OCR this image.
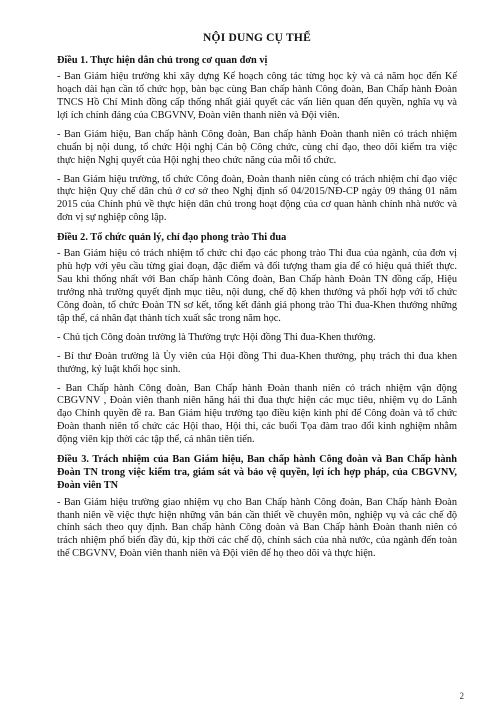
NỘI DUNG CỤ THỂ
Điều 1. Thực hiện dân chủ trong cơ quan đơn vị

- Ban Giám hiệu trường khi xây dựng Kế hoạch công tác từng học kỳ và cả năm học đến Kế hoạch dài hạn cần tổ chức họp, bàn bạc cùng Ban chấp hành Công đoàn, Ban Chấp hành Đoàn TNCS Hồ Chí Minh đồng cấp thống nhất giải quyết các vấn liên quan đến quyền, nghĩa vụ và lợi ích chính đáng của CBGVNV, Đoàn viên thanh niên và Đội viên.

- Ban Giám hiệu, Ban chấp hành Công đoàn, Ban chấp hành Đoàn thanh niên có trách nhiệm chuẩn bị nội dung, tổ chức Hội nghị Cán bộ Công chức, cùng chỉ đạo, theo dõi kiểm tra việc thực hiện Nghị quyết của Hội nghị theo chức năng của mỗi tổ chức.

- Ban Giám hiệu trường, tổ chức Công đoàn, Đoàn thanh niên cùng có trách nhiệm chỉ đạo việc thực hiện Quy chế dân chủ ở cơ sở theo Nghị định số 04/2015/NĐ-CP ngày 09 tháng 01 năm 2015 của Chính phủ về thực hiện dân chủ trong hoạt động của cơ quan hành chính nhà nước và đơn vị sự nghiệp công lập.

Điều 2. Tổ chức quản lý, chỉ đạo phong trào Thi đua

- Ban Giám hiệu có trách nhiệm tổ chức chỉ đạo các phong trào Thi đua của ngành, của đơn vị phù hợp với yêu cầu từng giai đoạn, đặc điểm và đối tượng tham gia để có hiệu quả thiết thực. Sau khi thống nhất với Ban chấp hành Công đoàn, Ban Chấp hành Đoàn TN đồng cấp, Hiệu trưởng nhà trường quyết định mục tiêu, nội dung, chế độ khen thưởng và phối hợp với tổ chức Công đoàn, tổ chức Đoàn TN sơ kết, tổng kết đánh giá phong trào Thi đua-Khen thưởng những tập thể, cá nhân đạt thành tích xuất sắc trong năm học.

- Chủ tịch Công đoàn trường là Thường trực Hội đồng Thi đua-Khen thưởng.

- Bí thư Đoàn trường là Ủy viên của Hội đồng Thi đua-Khen thưởng, phụ trách thi đua khen thưởng, kỷ luật khối học sinh.

- Ban Chấp hành Công đoàn, Ban Chấp hành Đoàn thanh niên có trách nhiệm vận động CBGVNV , Đoàn viên thanh niên hăng hái thi đua thực hiện các mục tiêu, nhiệm vụ do Lãnh đạo Chính quyền đề ra. Ban Giám hiệu trường tạo điều kiện kinh phí để Công đoàn và tổ chức Đoàn thanh niên tổ chức các Hội thao, Hội thi, các buổi Tọa đàm trao đổi kinh nghiệm nhằm động viên kịp thời các tập thể, cá nhân tiên tiến.

Điều 3. Trách nhiệm của Ban Giám hiệu, Ban chấp hành Công đoàn và Ban Chấp hành Đoàn TN trong việc kiểm tra, giám sát và bảo vệ quyền, lợi ích hợp pháp, của CBGVNV, Đoàn viên TN

- Ban Giám hiệu trường giao nhiệm vụ cho Ban Chấp hành Công đoàn, Ban Chấp hành Đoàn thanh niên về việc thực hiện những văn bản cần thiết về chuyên môn, nghiệp vụ và các chế độ chính sách theo quy định. Ban chấp hành Công đoàn và Ban Chấp hành Đoàn thanh niên có trách nhiệm phổ biến đầy đủ, kịp thời các chế độ, chính sách của nhà nước, của ngành đến toàn thể CBGVNV, Đoàn viên thanh niên và Đội viên để họ theo dõi và thực hiện.

2
